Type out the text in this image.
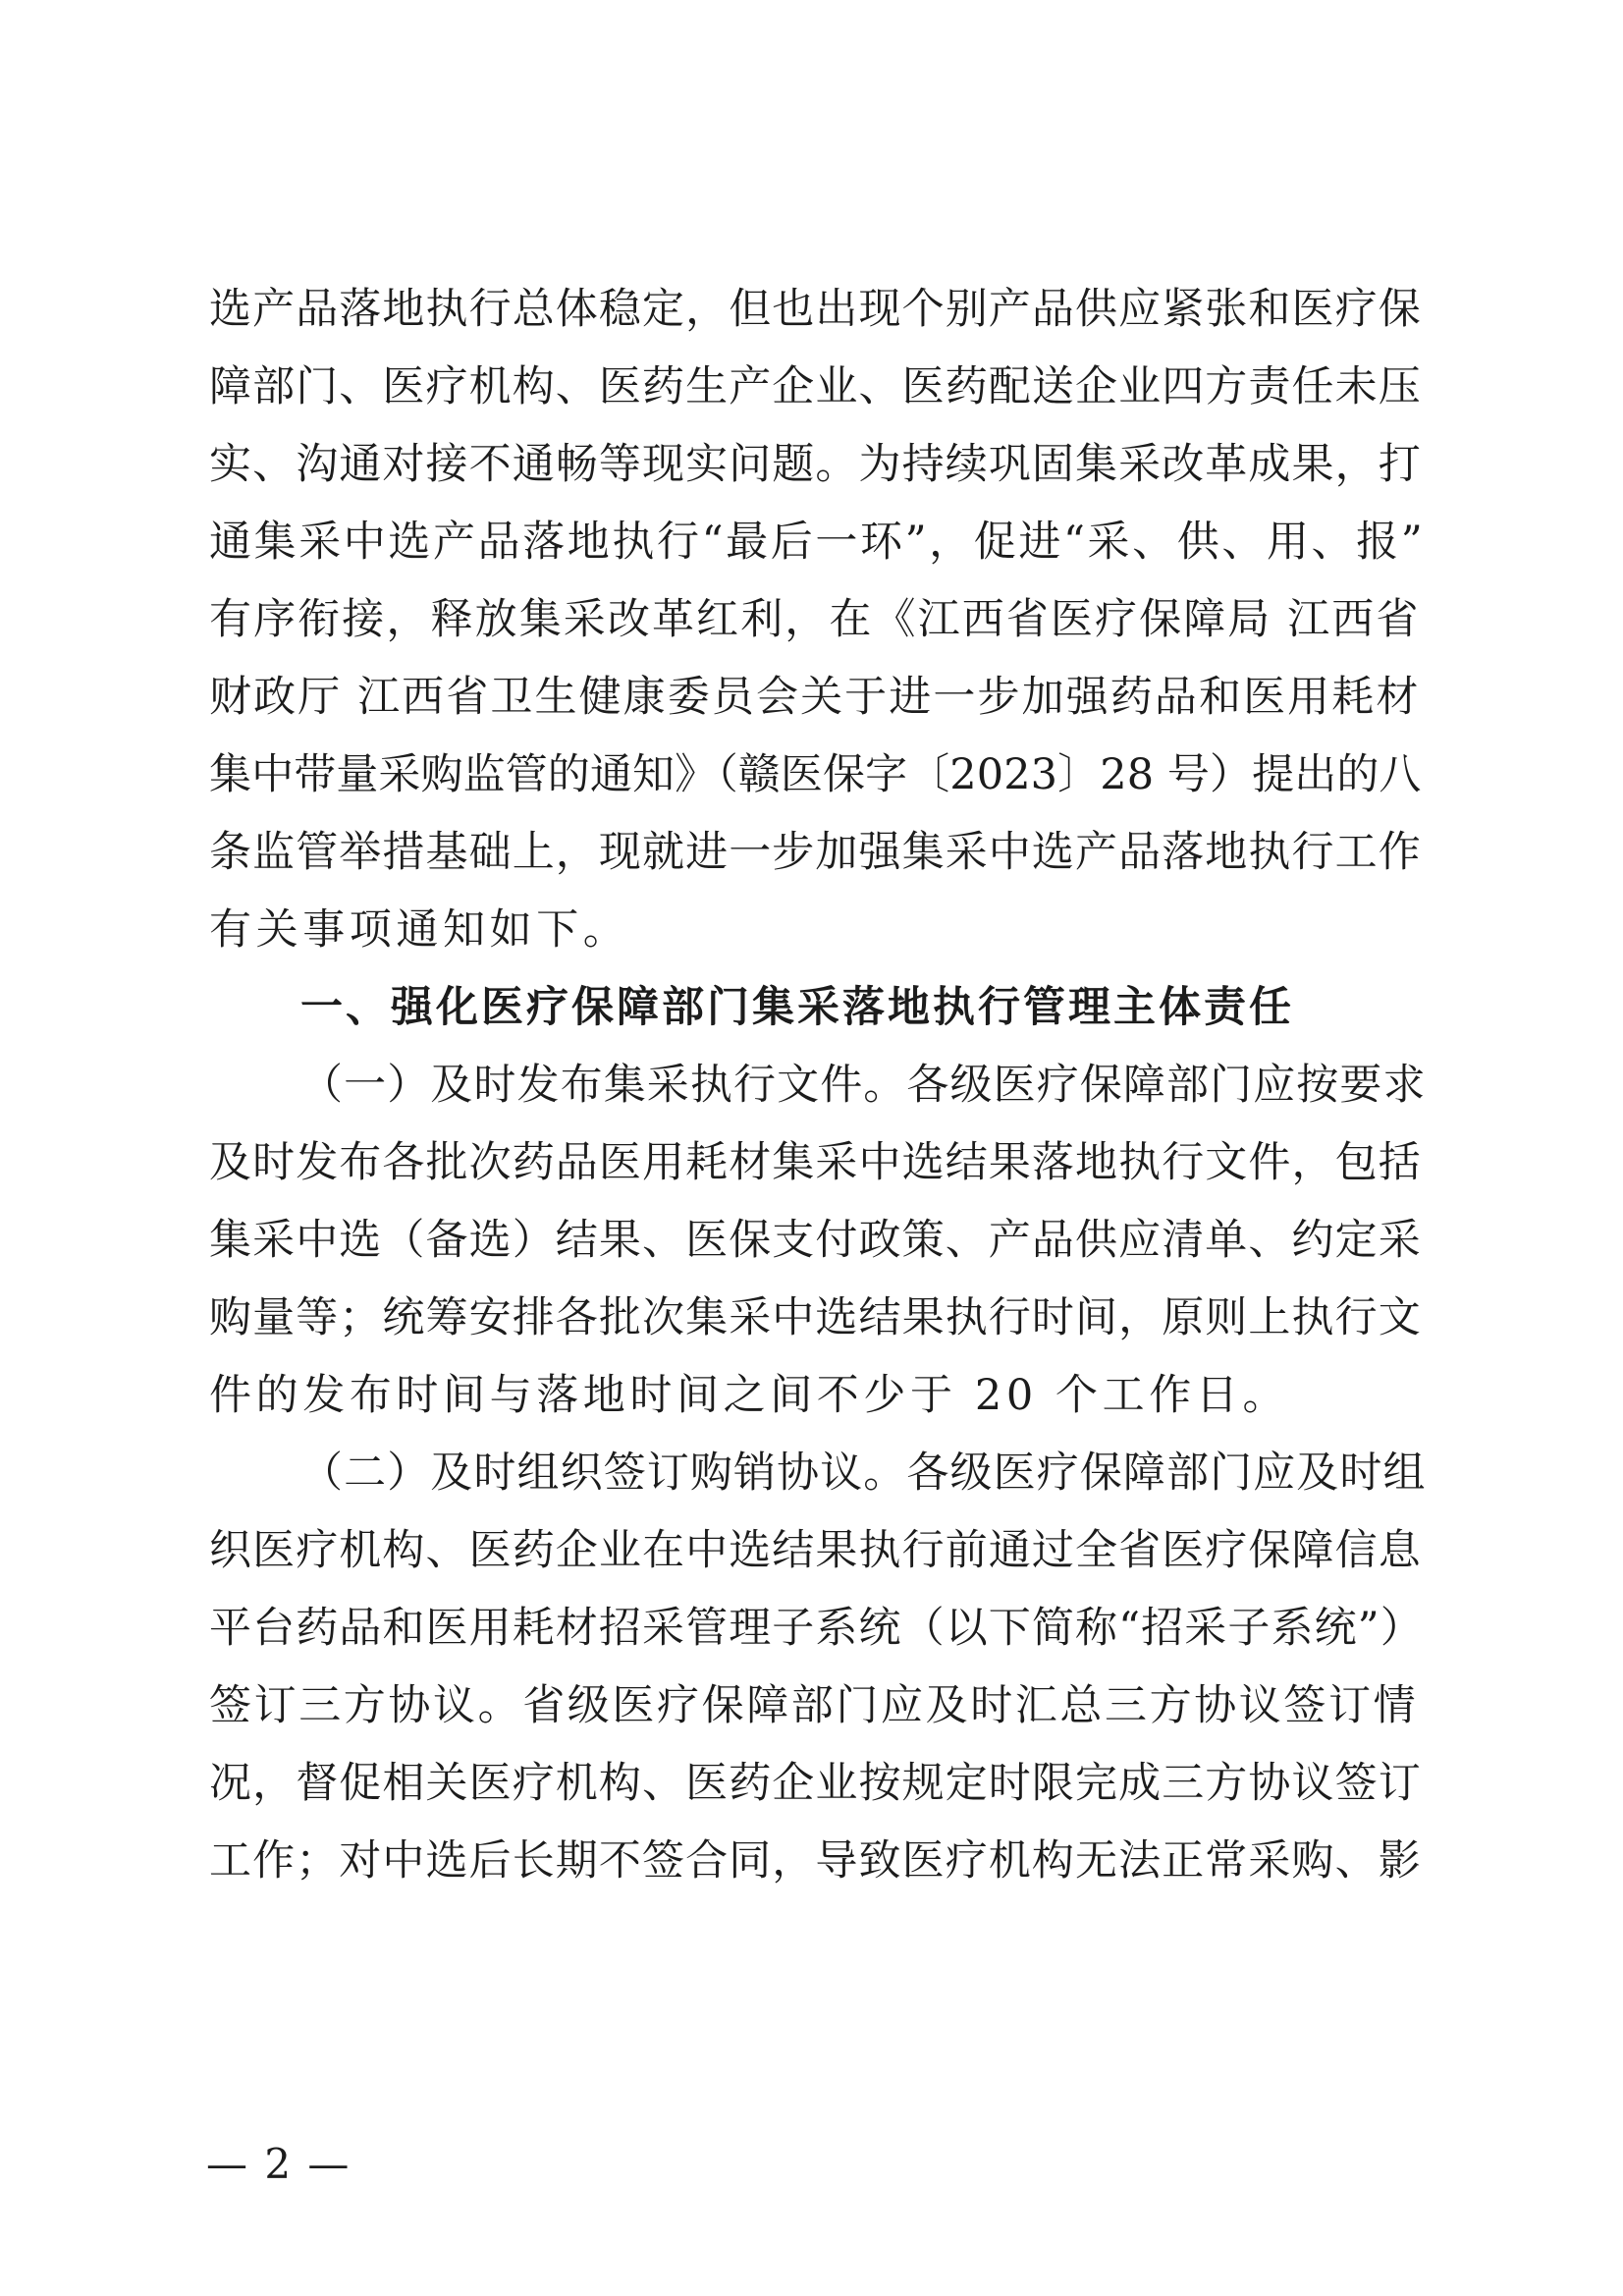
选产品落地执行总体稳定，但也出现个别产品供应紧张和医疗保
障部门、医疗机构、医药生产企业、医药配送企业四方责任未压
实、沟通对接不通畅等现实问题。为持续巩固集采改革成果，打
通集采中选产品落地执行“最后一环”，促进“采、供、用、报”
有序衔接，释放集采改革红利，在《江西省医疗保障局 江西省
财政厅 江西省卫生健康委员会关于进一步加强药品和医用耗材
集中带量采购监管的通知》（赣医保字〔2023〕28 号）提出的八
条监管举措基础上，现就进一步加强集采中选产品落地执行工作
有关事项通知如下。
一、强化医疗保障部门集采落地执行管理主体责任
（一）及时发布集采执行文件。各级医疗保障部门应按要求
及时发布各批次药品医用耗材集采中选结果落地执行文件，包括
集采中选（备选）结果、医保支付政策、产品供应清单、约定采
购量等；统筹安排各批次集采中选结果执行时间，原则上执行文
件的发布时间与落地时间之间不少于 20 个工作日。
（二）及时组织签订购销协议。各级医疗保障部门应及时组
织医疗机构、医药企业在中选结果执行前通过全省医疗保障信息
平台药品和医用耗材招采管理子系统（以下简称“招采子系统”）
签订三方协议。省级医疗保障部门应及时汇总三方协议签订情
况，督促相关医疗机构、医药企业按规定时限完成三方协议签订
工作；对中选后长期不签合同，导致医疗机构无法正常采购、影
— 2 —
